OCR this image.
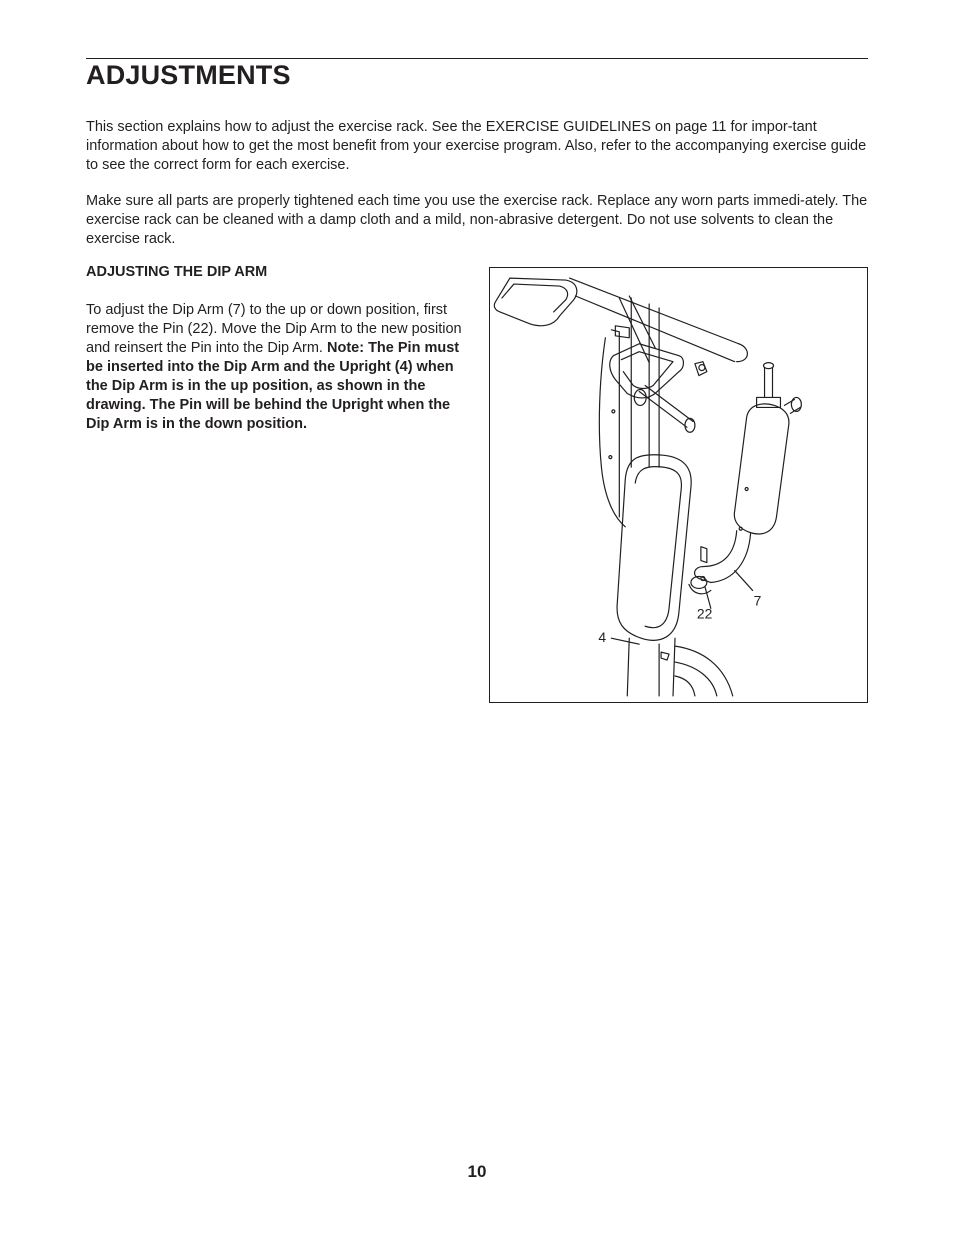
ADJUSTMENTS

This section explains how to adjust the exercise rack. See the EXERCISE GUIDELINES on page 11 for impor-tant information about how to get the most benefit from your exercise program. Also, refer to the accompanying exercise guide to see the correct form for each exercise.

Make sure all parts are properly tightened each time you use the exercise rack. Replace any worn parts immedi-ately. The exercise rack can be cleaned with a damp cloth and a mild, non-abrasive detergent. Do not use solvents to clean the exercise rack.

ADJUSTING THE DIP ARM

To adjust the Dip Arm (7) to the up or down position, first remove the Pin (22). Move the Dip Arm to the new position and reinsert the Pin into the Dip Arm. Note: The Pin must be inserted into the Dip Arm and the Upright (4) when the Dip Arm is in the up position, as shown in the drawing. The Pin will be behind the Upright when the Dip Arm is in the down position.

7
22
4

10
